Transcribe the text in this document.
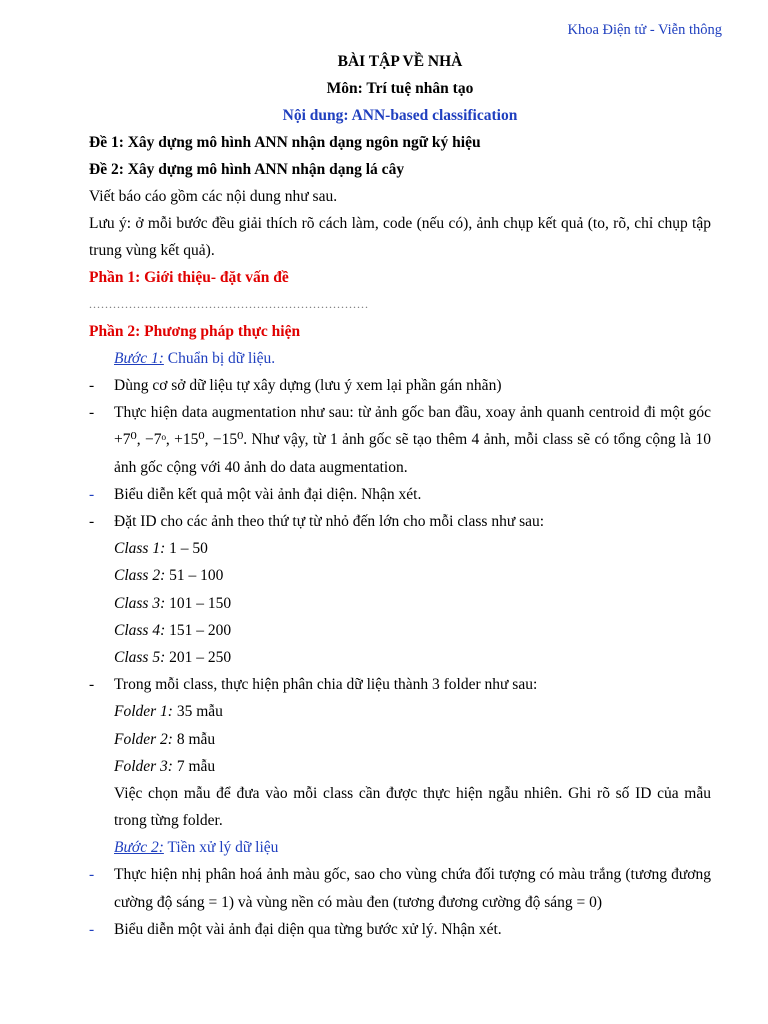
Khoa Điện tử - Viễn thông
BÀI TẬP VỀ NHÀ
Môn: Trí tuệ nhân tạo
Nội dung: ANN-based classification

Đề 1: Xây dựng mô hình ANN nhận dạng ngôn ngữ ký hiệu

Đề 2: Xây dựng mô hình ANN nhận dạng lá cây

Viết báo cáo gồm các nội dung như sau.

Lưu ý: ở mỗi bước đều giải thích rõ cách làm, code (nếu có), ảnh chụp kết quả (to, rõ, chỉ chụp tập trung vùng kết quả).

Phần 1: Giới thiệu- đặt vấn đề

......................................................................

Phần 2: Phương pháp thực hiện

Bước 1: Chuẩn bị dữ liệu.
- Dùng cơ sở dữ liệu tự xây dựng (lưu ý xem lại phần gán nhãn)
- Thực hiện data augmentation như sau: từ ảnh gốc ban đầu, xoay ảnh quanh centroid đi một góc +7⁰, −7ᵒ, +15⁰, −15⁰. Như vậy, từ 1 ảnh gốc sẽ tạo thêm 4 ảnh, mỗi class sẽ có tổng cộng là 10 ảnh gốc cộng với 40 ảnh do data augmentation.
- Biểu diễn kết quả một vài ảnh đại diện. Nhận xét.
- Đặt ID cho các ảnh theo thứ tự từ nhỏ đến lớn cho mỗi class như sau:
Class 1: 1 – 50
Class 2: 51 – 100
Class 3: 101 – 150
Class 4: 151 – 200
Class 5: 201 – 250
- Trong mỗi class, thực hiện phân chia dữ liệu thành 3 folder như sau:
Folder 1: 35 mẫu
Folder 2: 8 mẫu
Folder 3: 7 mẫu
Việc chọn mẫu để đưa vào mỗi class cần được thực hiện ngẫu nhiên. Ghi rõ số ID của mẫu trong từng folder.
Bước 2: Tiền xử lý dữ liệu
- Thực hiện nhị phân hoá ảnh màu gốc, sao cho vùng chứa đối tượng có màu trắng (tương đương cường độ sáng = 1) và vùng nền có màu đen (tương đương cường độ sáng = 0)
- Biểu diễn một vài ảnh đại diện qua từng bước xử lý. Nhận xét.
